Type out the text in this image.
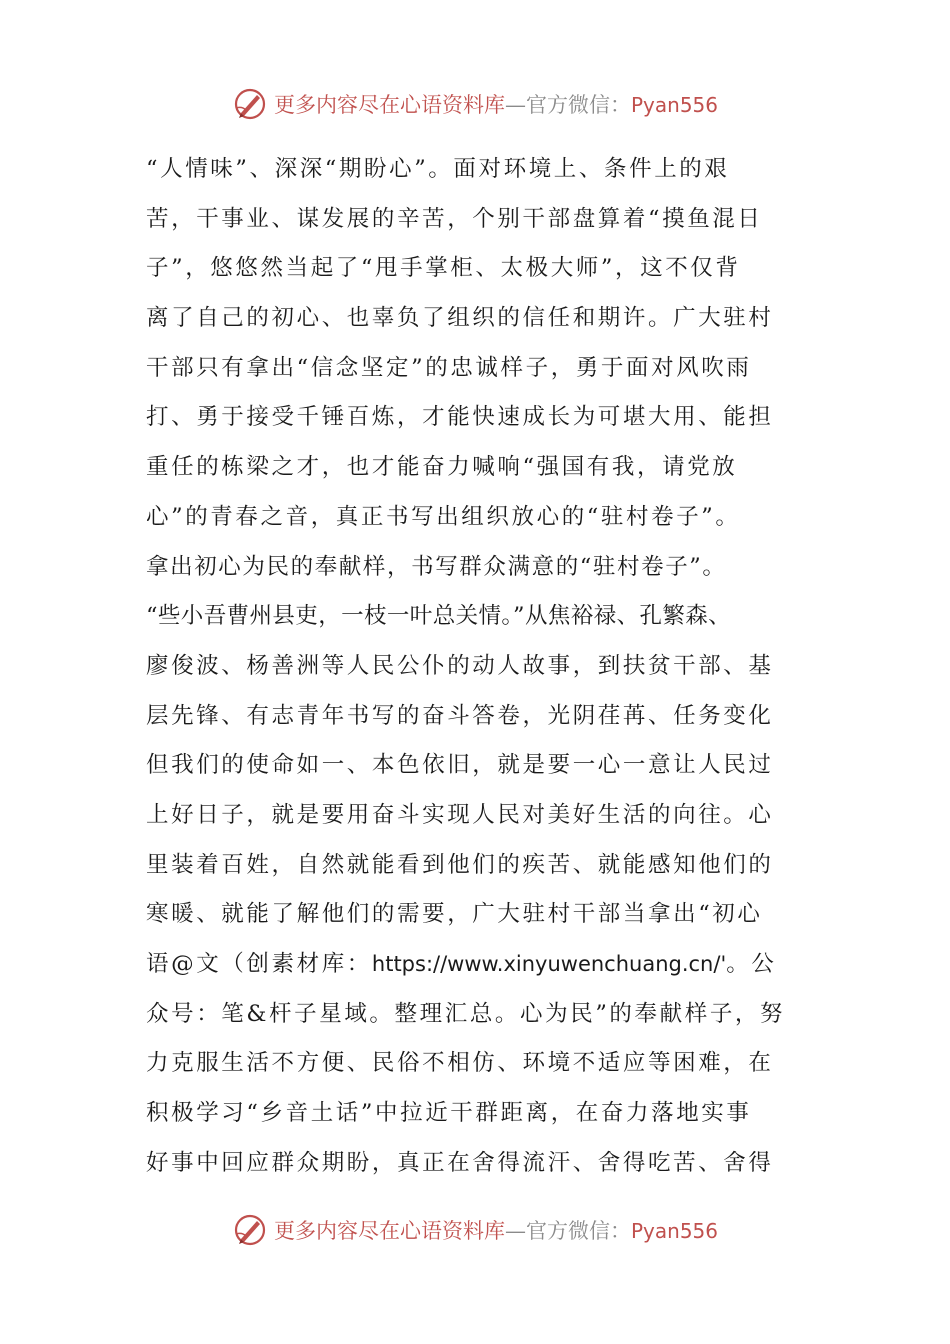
更多内容尽在心语资料库—官方微信：Pyan556
“人情味”、深深“期盼心”。面对环境上、条件上的艰
苦，干事业、谋发展的辛苦，个别干部盘算着“摸鱼混日
子”，悠悠然当起了“甩手掌柜、太极大师”，这不仅背
离了自己的初心、也辜负了组织的信任和期许。广大驻村
干部只有拿出“信念坚定”的忠诚样子，勇于面对风吹雨
打、勇于接受千锤百炼，才能快速成长为可堪大用、能担
重任的栋梁之才，也才能奋力喊响“强国有我，请党放
心”的青春之音，真正书写出组织放心的“驻村卷子”。
拿出初心为民的奉献样，书写群众满意的“驻村卷子”。
“些小吾曹州县吏，一枝一叶总关情。”从焦裕禄、孔繁森、
廖俊波、杨善洲等人民公仆的动人故事，到扶贫干部、基
层先锋、有志青年书写的奋斗答卷，光阴荏苒、任务变化
但我们的使命如一、本色依旧，就是要一心一意让人民过
上好日子，就是要用奋斗实现人民对美好生活的向往。心
里装着百姓，自然就能看到他们的疾苦、就能感知他们的
寒暖、就能了解他们的需要，广大驻村干部当拿出“初心
语@文（创素材库：https://www.xinyuwenchuang.cn/'。公
众号：笔&杆子星域。整理汇总。心为民”的奉献样子，努
力克服生活不方便、民俗不相仿、环境不适应等困难，在
积极学习“乡音土话”中拉近干群距离，在奋力落地实事
好事中回应群众期盼，真正在舍得流汗、舍得吃苦、舍得
更多内容尽在心语资料库—官方微信：Pyan556
